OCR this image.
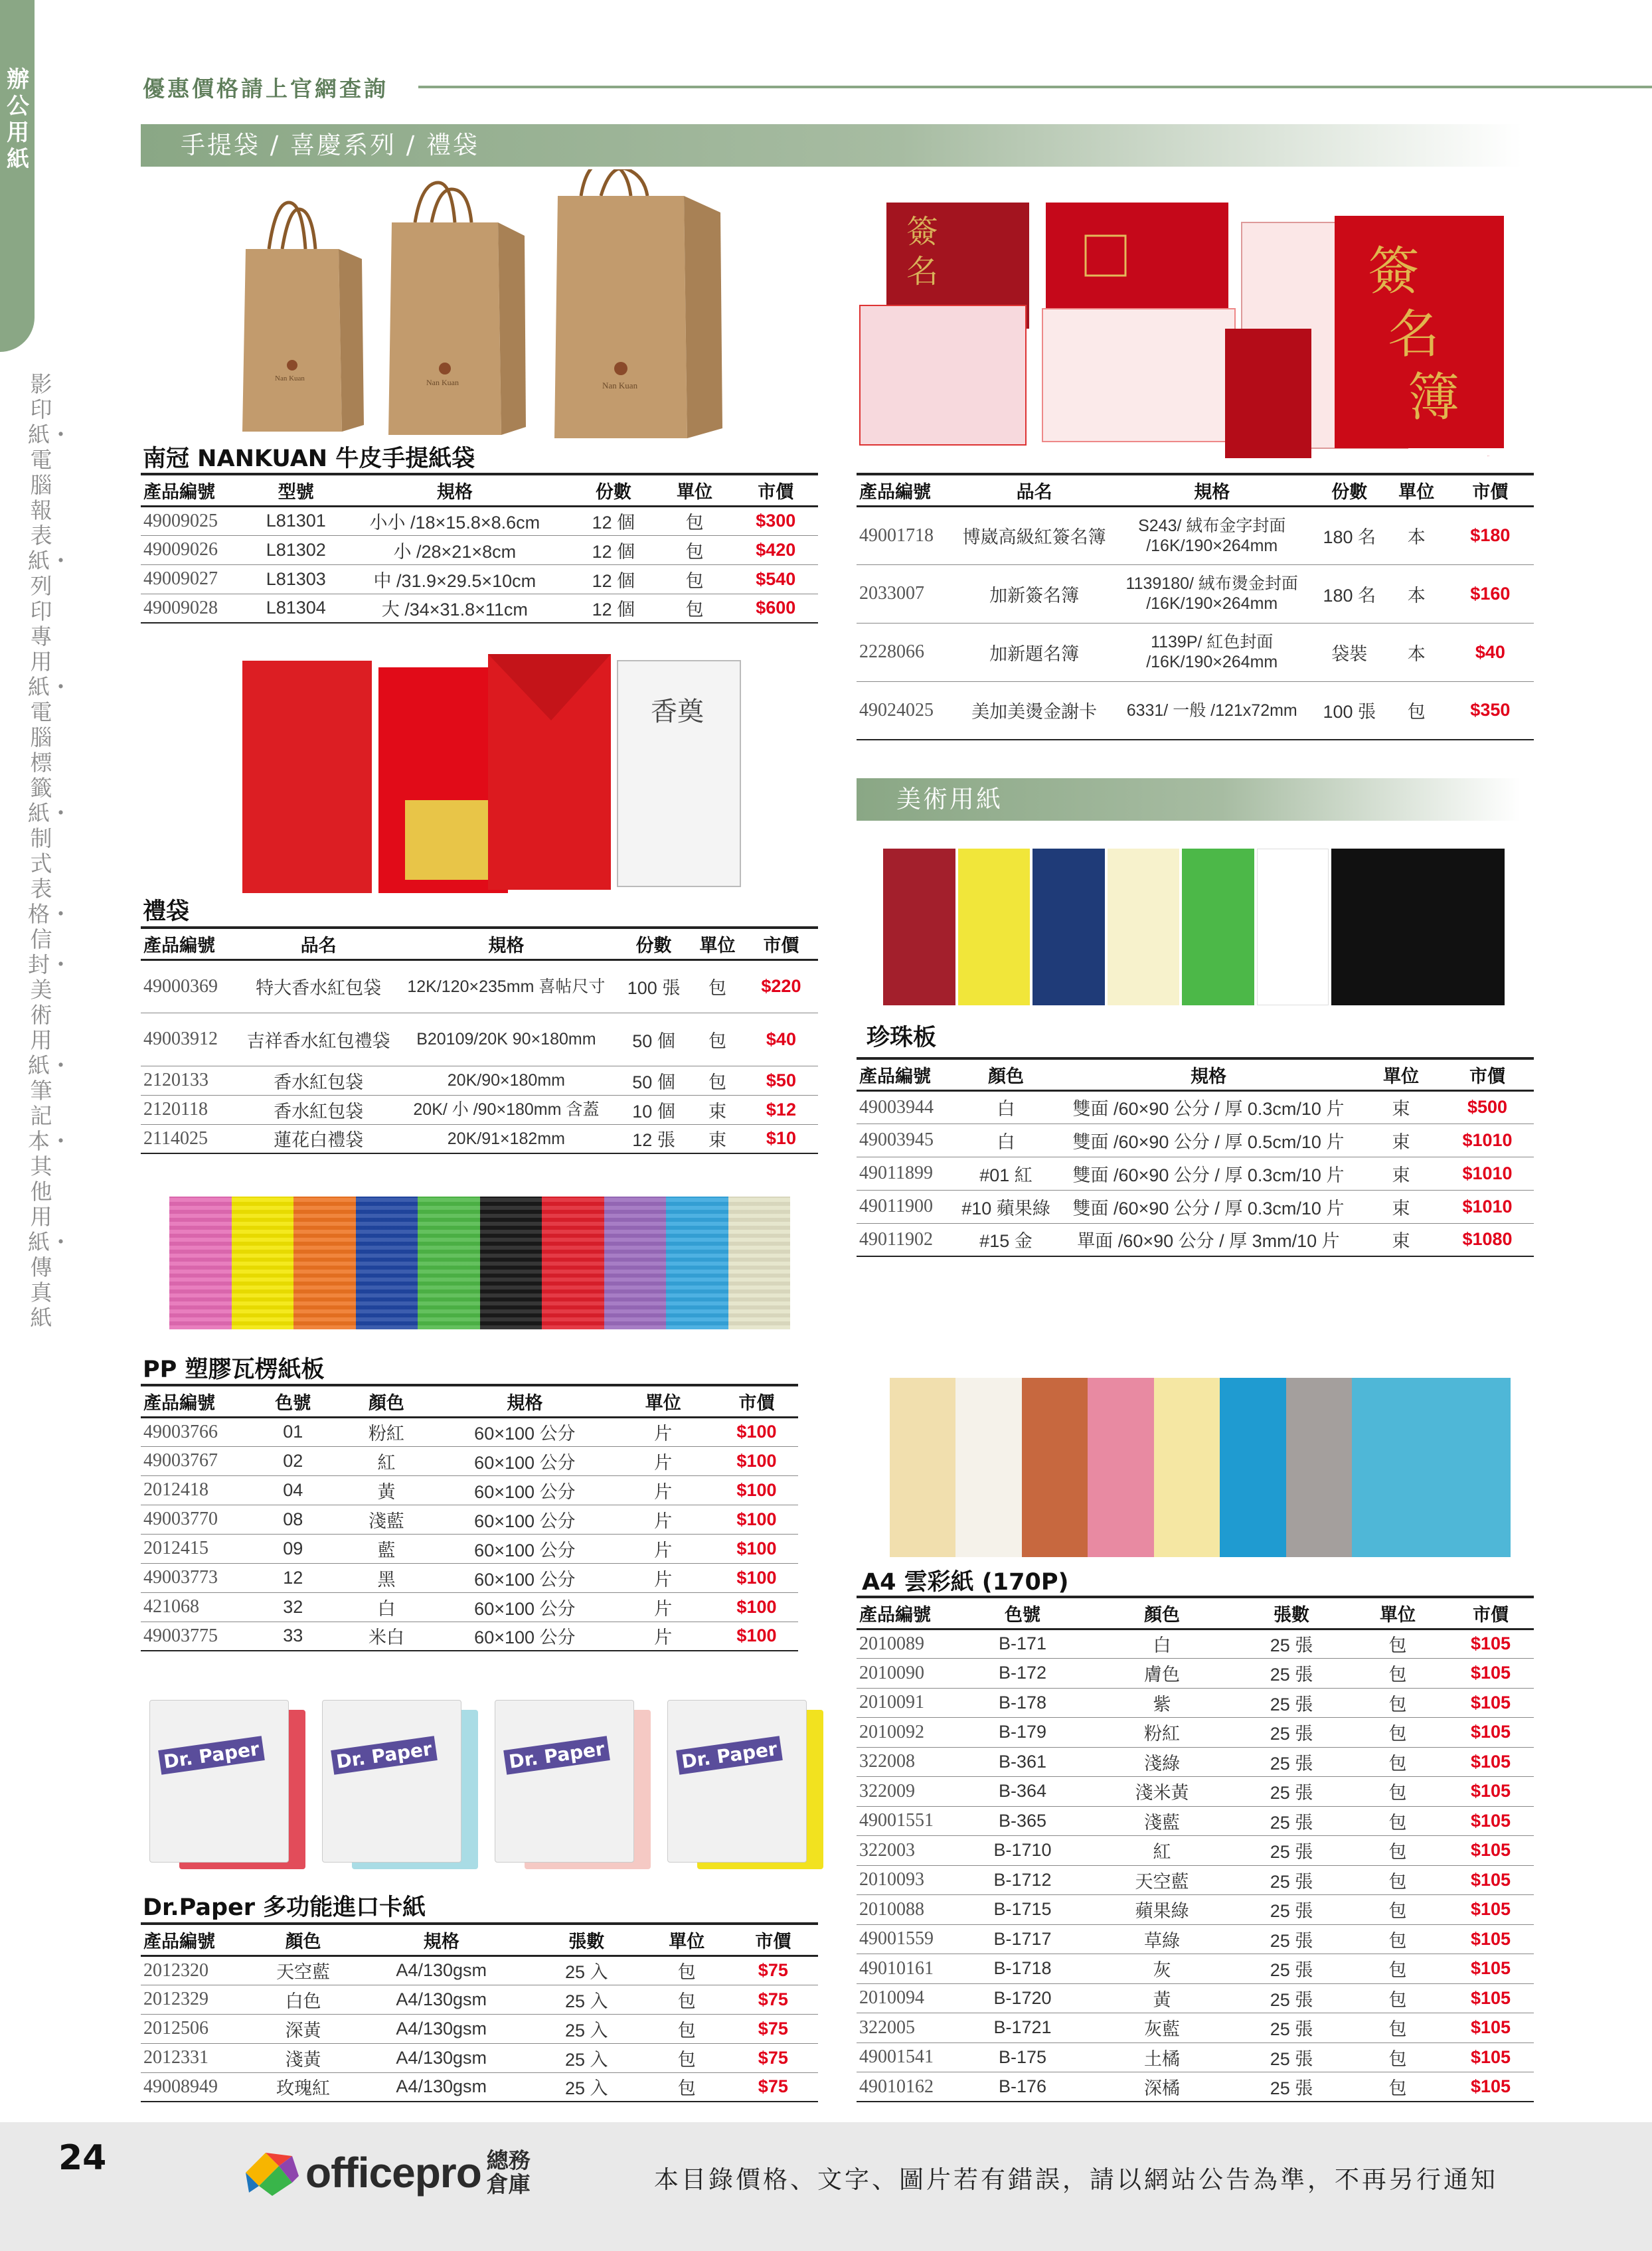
辦公用紙
影印紙・電腦報表紙・列印專用紙・電腦標籤紙・制式表格・信封・美術用紙・筆記本・其他用紙・傳真紙
優惠價格請上官網查詢
手提袋 / 喜慶系列 / 禮袋
Nan Kuan	Nan Kuan	Nan Kuan
南冠 NANKUAN 牛皮手提紙袋
產品編號	型號	規格	份數	單位	市價
49009025	L81301	小小 /18×15.8×8.6cm	12 個	包	$300
49009026	L81302	小 /28×21×8cm	12 個	包	$420
49009027	L81303	中 /31.9×29.5×10cm	12 個	包	$540
49009028	L81304	大 /34×31.8×11cm	12 個	包	$600
簽
名	簽
名
簿
簽名簿
產品編號	品名	規格	份數	單位	市價
49001718	博崴高級紅簽名簿	S243/ 絨布金字封面 /16K/190×264mm	180 名	本	$180
2033007	加新簽名簿	1139180/ 絨布燙金封面 /16K/190×264mm	180 名	本	$160
2228066	加新題名簿	1139P/ 紅色封面 /16K/190×264mm	袋裝	本	$40
49024025	美加美燙金謝卡	6331/ 一般 /121x72mm	100 張	包	$350
香奠
禮袋
產品編號	品名	規格	份數	單位	市價
49000369	特大香水紅包袋	12K/120×235mm 喜帖尺寸	100 張	包	$220
49003912	吉祥香水紅包禮袋	B20109/20K 90×180mm	50 個	包	$40
2120133	香水紅包袋	20K/90×180mm	50 個	包	$50
2120118	香水紅包袋	20K/ 小 /90×180mm 含蓋	10 個	束	$12
2114025	蓮花白禮袋	20K/91×182mm	12 張	束	$10
美術用紙
珍珠板
產品編號	顏色	規格	單位	市價
49003944	白	雙面 /60×90 公分 / 厚 0.3cm/10 片	束	$500
49003945	白	雙面 /60×90 公分 / 厚 0.5cm/10 片	束	$1010
49011899	#01 紅	雙面 /60×90 公分 / 厚 0.3cm/10 片	束	$1010
49011900	#10 蘋果綠	雙面 /60×90 公分 / 厚 0.3cm/10 片	束	$1010
49011902	#15 金	單面 /60×90 公分 / 厚 3mm/10 片	束	$1080
PP 塑膠瓦楞紙板
產品編號	色號	顏色	規格	單位	市價
49003766	01	粉紅	60×100 公分	片	$100
49003767	02	紅	60×100 公分	片	$100
2012418	04	黃	60×100 公分	片	$100
49003770	08	淺藍	60×100 公分	片	$100
2012415	09	藍	60×100 公分	片	$100
49003773	12	黑	60×100 公分	片	$100
421068	32	白	60×100 公分	片	$100
49003775	33	米白	60×100 公分	片	$100
A4 雲彩紙 (170P)
產品編號	色號	顏色	張數	單位	市價
2010089	B-171	白	25 張	包	$105
2010090	B-172	膚色	25 張	包	$105
2010091	B-178	紫	25 張	包	$105
2010092	B-179	粉紅	25 張	包	$105
322008	B-361	淺綠	25 張	包	$105
322009	B-364	淺米黃	25 張	包	$105
49001551	B-365	淺藍	25 張	包	$105
322003	B-1710	紅	25 張	包	$105
2010093	B-1712	天空藍	25 張	包	$105
2010088	B-1715	蘋果綠	25 張	包	$105
49001559	B-1717	草綠	25 張	包	$105
49010161	B-1718	灰	25 張	包	$105
2010094	B-1720	黃	25 張	包	$105
322005	B-1721	灰藍	25 張	包	$105
49001541	B-175	土橘	25 張	包	$105
49010162	B-176	深橘	25 張	包	$105
Dr. Paper	Dr. Paper	Dr. Paper	Dr. Paper
Dr.Paper 多功能進口卡紙
產品編號	顏色	規格	張數	單位	市價
2012320	天空藍	A4/130gsm	25 入	包	$75
2012329	白色	A4/130gsm	25 入	包	$75
2012506	深黃	A4/130gsm	25 入	包	$75
2012331	淺黃	A4/130gsm	25 入	包	$75
49008949	玫瑰紅	A4/130gsm	25 入	包	$75
24	officepro 總務
倉庫	本目錄價格、文字、圖片若有錯誤，請以網站公告為準，不再另行通知
